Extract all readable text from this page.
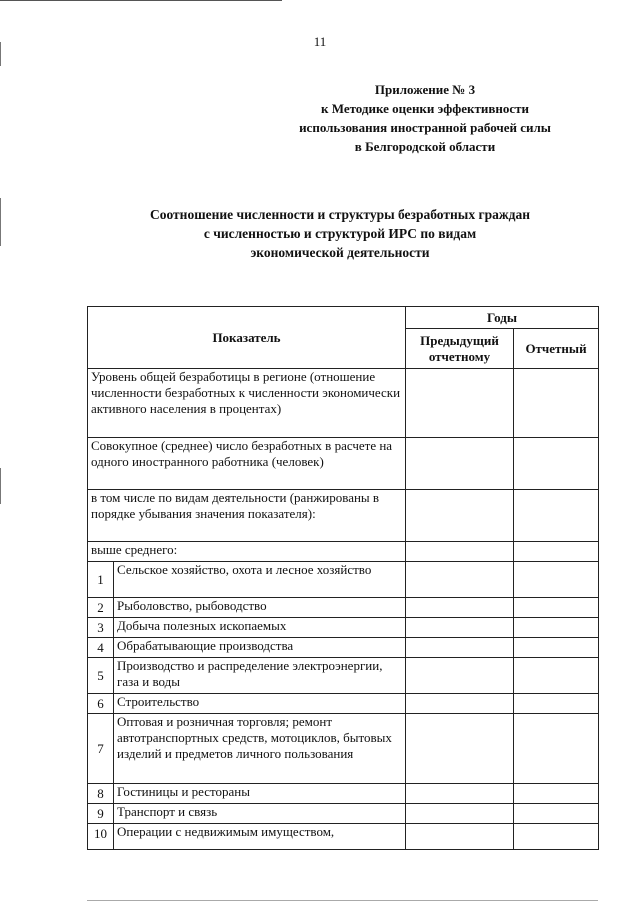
11
Приложение № 3
к Методике оценки эффективности
использования иностранной рабочей силы
в Белгородской области
Соотношение численности и структуры безработных граждан
с численностью и структурой ИРС по видам
экономической деятельности
Показатель		Годы	
		Предыдущий отчетному	Отчетный
Уровень общей безработицы в регионе (отношение численности безработных к численности экономически активного населения в процентах)			
Совокупное (среднее) число безработных в расчете на одного иностранного работника (человек)			
в том числе по видам деятельности (ранжированы в порядке убывания значения показателя):			
выше среднего:			
1	Сельское хозяйство, охота и лесное хозяйство		
2	Рыболовство, рыбоводство		
3	Добыча полезных ископаемых		
4	Обрабатывающие производства		
5	Производство и распределение электроэнергии, газа и воды		
6	Строительство		
7	Оптовая и розничная торговля; ремонт автотранспортных средств, мотоциклов, бытовых изделий и предметов личного пользования		
8	Гостиницы и рестораны		
9	Транспорт и связь		
10	Операции с недвижимым имуществом,		
